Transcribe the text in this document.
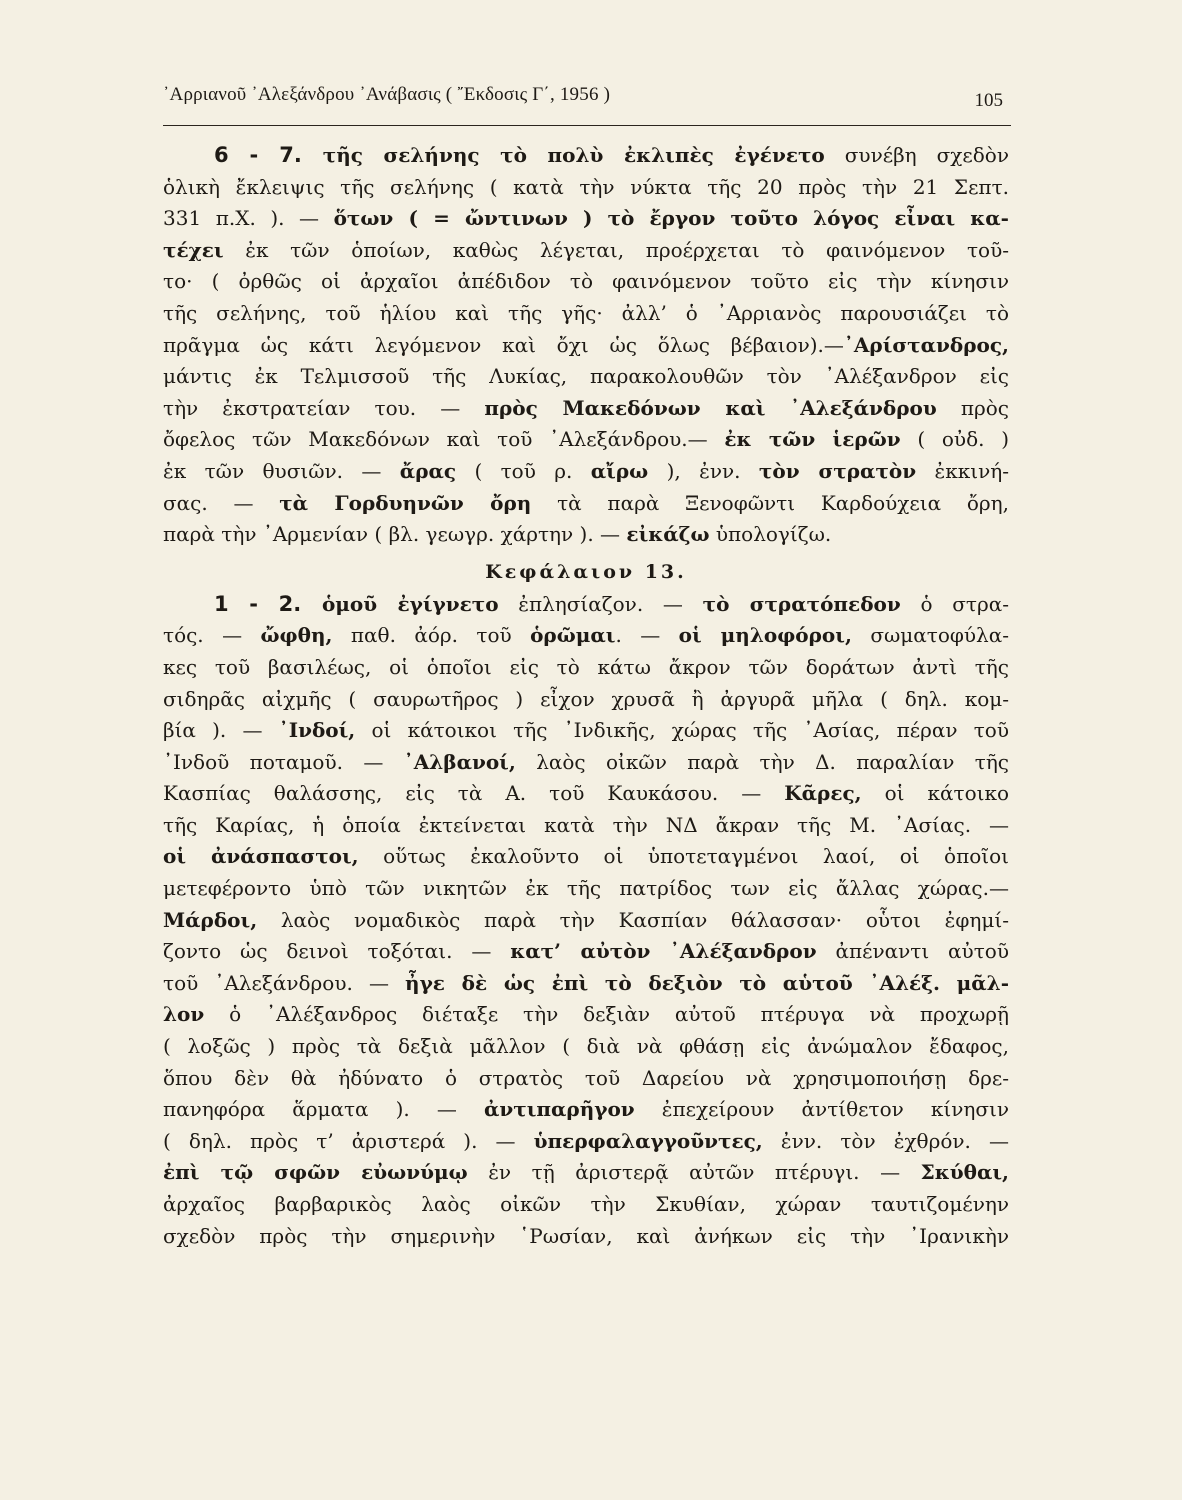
᾿Αρριανοῦ ᾿Αλεξάνδρου ᾿Ανάβασις ( ῎Εκδοσις Γ΄, 1956 )	105
6 - 7. τῆς σελήνης τὸ πολὺ ἐκλιπὲς ἐγένετο συνέβη σχεδὸν
ὁλικὴ ἔκλειψις τῆς σελήνης ( κατὰ τὴν νύκτα τῆς 20 πρὸς τὴν 21 Σεπτ.
331 π.Χ. ). — ὅτων ( = ὤντινων ) τὸ ἔργον τοῦτο λόγος εἶναι κα-
τέχει ἐκ τῶν ὁποίων, καθὼς λέγεται, προέρχεται τὸ φαινόμενον τοῦ-
το· ( ὀρθῶς οἱ ἀρχαῖοι ἀπέδιδον τὸ φαινόμενον τοῦτο εἰς τὴν κίνησιν
τῆς σελήνης, τοῦ ἡλίου καὶ τῆς γῆς· ἀλλ’ ὁ ᾿Αρριανὸς παρουσιάζει τὸ
πρᾶγμα ὡς κάτι λεγόμενον καὶ ὄχι ὡς ὅλως βέβαιον).—᾿Αρίστανδρος,
μάντις ἐκ Τελμισσοῦ τῆς Λυκίας, παρακολουθῶν τὸν ᾿Αλέξανδρον εἰς
τὴν ἐκστρατείαν του. — πρὸς Μακεδόνων καὶ ᾿Αλεξάνδρου πρὸς
ὄφελος τῶν Μακεδόνων καὶ τοῦ ᾿Αλεξάνδρου.— ἐκ τῶν ἱερῶν ( οὐδ. )
ἐκ τῶν θυσιῶν. — ἄρας ( τοῦ ρ. αἴρω ), ἐνν. τὸν στρατὸν ἐκκινή-
σας. — τὰ Γορδυηνῶν ὄρη τὰ παρὰ Ξενοφῶντι Καρδούχεια ὄρη,
παρὰ τὴν ᾿Αρμενίαν ( βλ. γεωγρ. χάρτην ). — εἰκάζω ὑπολογίζω.
Κεφάλαιον 13.
1 - 2. ὁμοῦ ἐγίγνετο ἐπλησίαζον. — τὸ στρατόπεδον ὁ στρα-
τός. — ὤφθη, παθ. ἀόρ. τοῦ ὁρῶμαι. — οἱ μηλοφόροι, σωματοφύλα-
κες τοῦ βασιλέως, οἱ ὁποῖοι εἰς τὸ κάτω ἄκρον τῶν δοράτων ἀντὶ τῆς
σιδηρᾶς αἰχμῆς ( σαυρωτῆρος ) εἶχον χρυσᾶ ἢ ἀργυρᾶ μῆλα ( δηλ. κομ-
βία ). — ᾿Ινδοί, οἱ κάτοικοι τῆς ᾿Ινδικῆς, χώρας τῆς ᾿Ασίας, πέραν τοῦ
᾿Ινδοῦ ποταμοῦ. — ᾿Αλβανοί, λαὸς οἰκῶν παρὰ τὴν Δ. παραλίαν τῆς
Κασπίας θαλάσσης, εἰς τὰ Α. τοῦ Καυκάσου. — Κᾶρες, οἱ κάτοικο
τῆς Καρίας, ἡ ὁποία ἐκτείνεται κατὰ τὴν ΝΔ ἄκραν τῆς Μ. ᾿Ασίας. —
οἱ ἀνάσπαστοι, οὕτως ἐκαλοῦντο οἱ ὑποτεταγμένοι λαοί, οἱ ὁποῖοι
μετεφέροντο ὑπὸ τῶν νικητῶν ἐκ τῆς πατρίδος των εἰς ἄλλας χώρας.—
Μάρδοι, λαὸς νομαδικὸς παρὰ τὴν Κασπίαν θάλασσαν· οὗτοι ἐφημί-
ζοντο ὡς δεινοὶ τοξόται. — κατ’ αὐτὸν ᾿Αλέξανδρον ἀπέναντι αὐτοῦ
τοῦ ᾿Αλεξάνδρου. — ἦγε δὲ ὡς ἐπὶ τὸ δεξιὸν τὸ αὑτοῦ ᾿Αλέξ. μᾶλ-
λον ὁ ᾿Αλέξανδρος διέταξε τὴν δεξιὰν αὐτοῦ πτέρυγα νὰ προχωρῇ
( λοξῶς ) πρὸς τὰ δεξιὰ μᾶλλον ( διὰ νὰ φθάσῃ εἰς ἀνώμαλον ἔδαφος,
ὅπου δὲν θὰ ἠδύνατο ὁ στρατὸς τοῦ Δαρείου νὰ χρησιμοποιήσῃ δρε-
πανηφόρα ἅρματα ). — ἀντιπαρῆγον ἐπεχείρουν ἀντίθετον κίνησιν
( δηλ. πρὸς τ’ ἀριστερά ). — ὑπερφαλαγγοῦντες, ἐνν. τὸν ἐχθρόν. —
ἐπὶ τῷ σφῶν εὐωνύμῳ ἐν τῇ ἀριστερᾷ αὐτῶν πτέρυγι. — Σκύθαι,
ἀρχαῖος βαρβαρικὸς λαὸς οἰκῶν τὴν Σκυθίαν, χώραν ταυτιζομένην
σχεδὸν πρὸς τὴν σημερινὴν ῾Ρωσίαν, καὶ ἀνήκων εἰς τὴν ᾿Ιρανικὴν
